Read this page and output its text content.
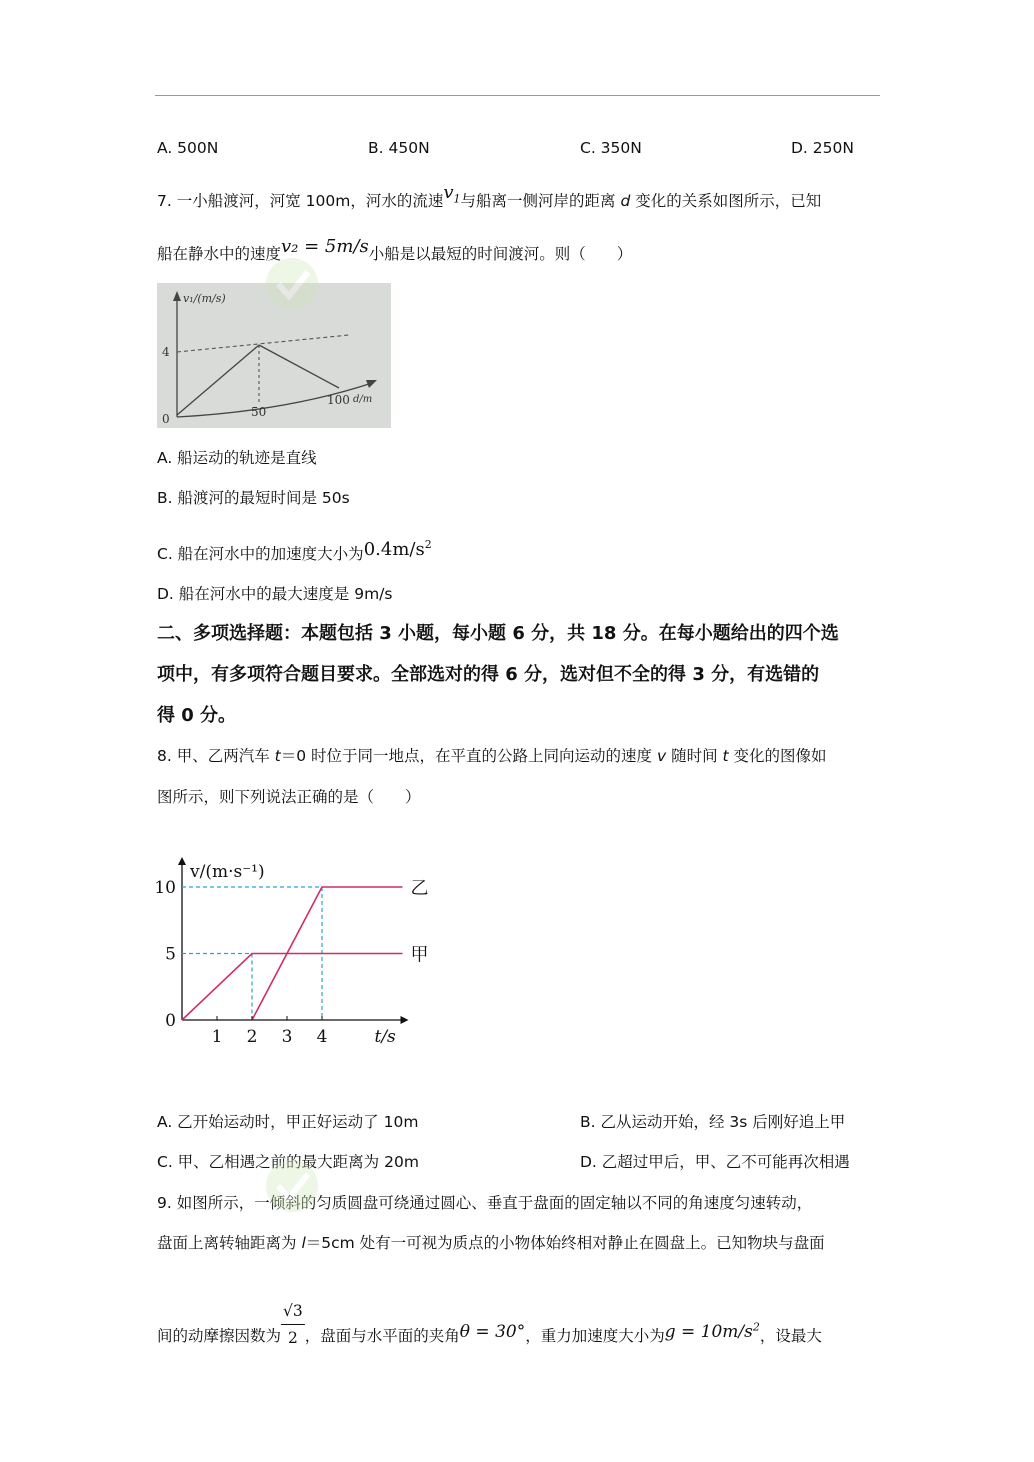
A. 500N	B. 450N	C. 350N	D. 250N
7. 一小船渡河，河宽 100m，河水的流速$v_1$与船离一侧河岸的距离 d 变化的关系如图所示，已知
船在静水中的速度v₂ = 5m/s小船是以最短的时间渡河。则（　　）
v₁/(m/s)
4
0	50
100 d/m
A. 船运动的轨迹是直线
B. 船渡河的最短时间是 50s
C. 船在河水中的加速度大小为$0.4m/s^2$
D. 船在河水中的最大速度是 9m/s
二、多项选择题：本题包括 3 小题，每小题 6 分，共 18 分。在每小题给出的四个选
项中，有多项符合题目要求。全部选对的得 6 分，选对但不全的得 3 分，有选错的
得 0 分。
8. 甲、乙两汽车 t＝0 时位于同一地点，在平直的公路上同向运动的速度 v 随时间 t 变化的图像如
图所示，则下列说法正确的是（　　）
甲
乙
1 2 3 4
0
5
10
v/(m·s⁻¹)
t/s
A. 乙开始运动时，甲正好运动了 10m	B. 乙从运动开始，经 3s 后刚好追上甲
C. 甲、乙相遇之前的最大距离为 20m	D. 乙超过甲后，甲、乙不可能再次相遇
9. 如图所示，一倾斜的匀质圆盘可绕通过圆心、垂直于盘面的固定轴以不同的角速度匀速转动，
盘面上离转轴距离为 l＝5cm 处有一可视为质点的小物体始终相对静止在圆盘上。已知物块与盘面
间的动摩擦因数为 $\frac{√3}{2}$ ，盘面与水平面的夹角θ = 30°，重力加速度大小为$g = 10m/s^2$，设最大
